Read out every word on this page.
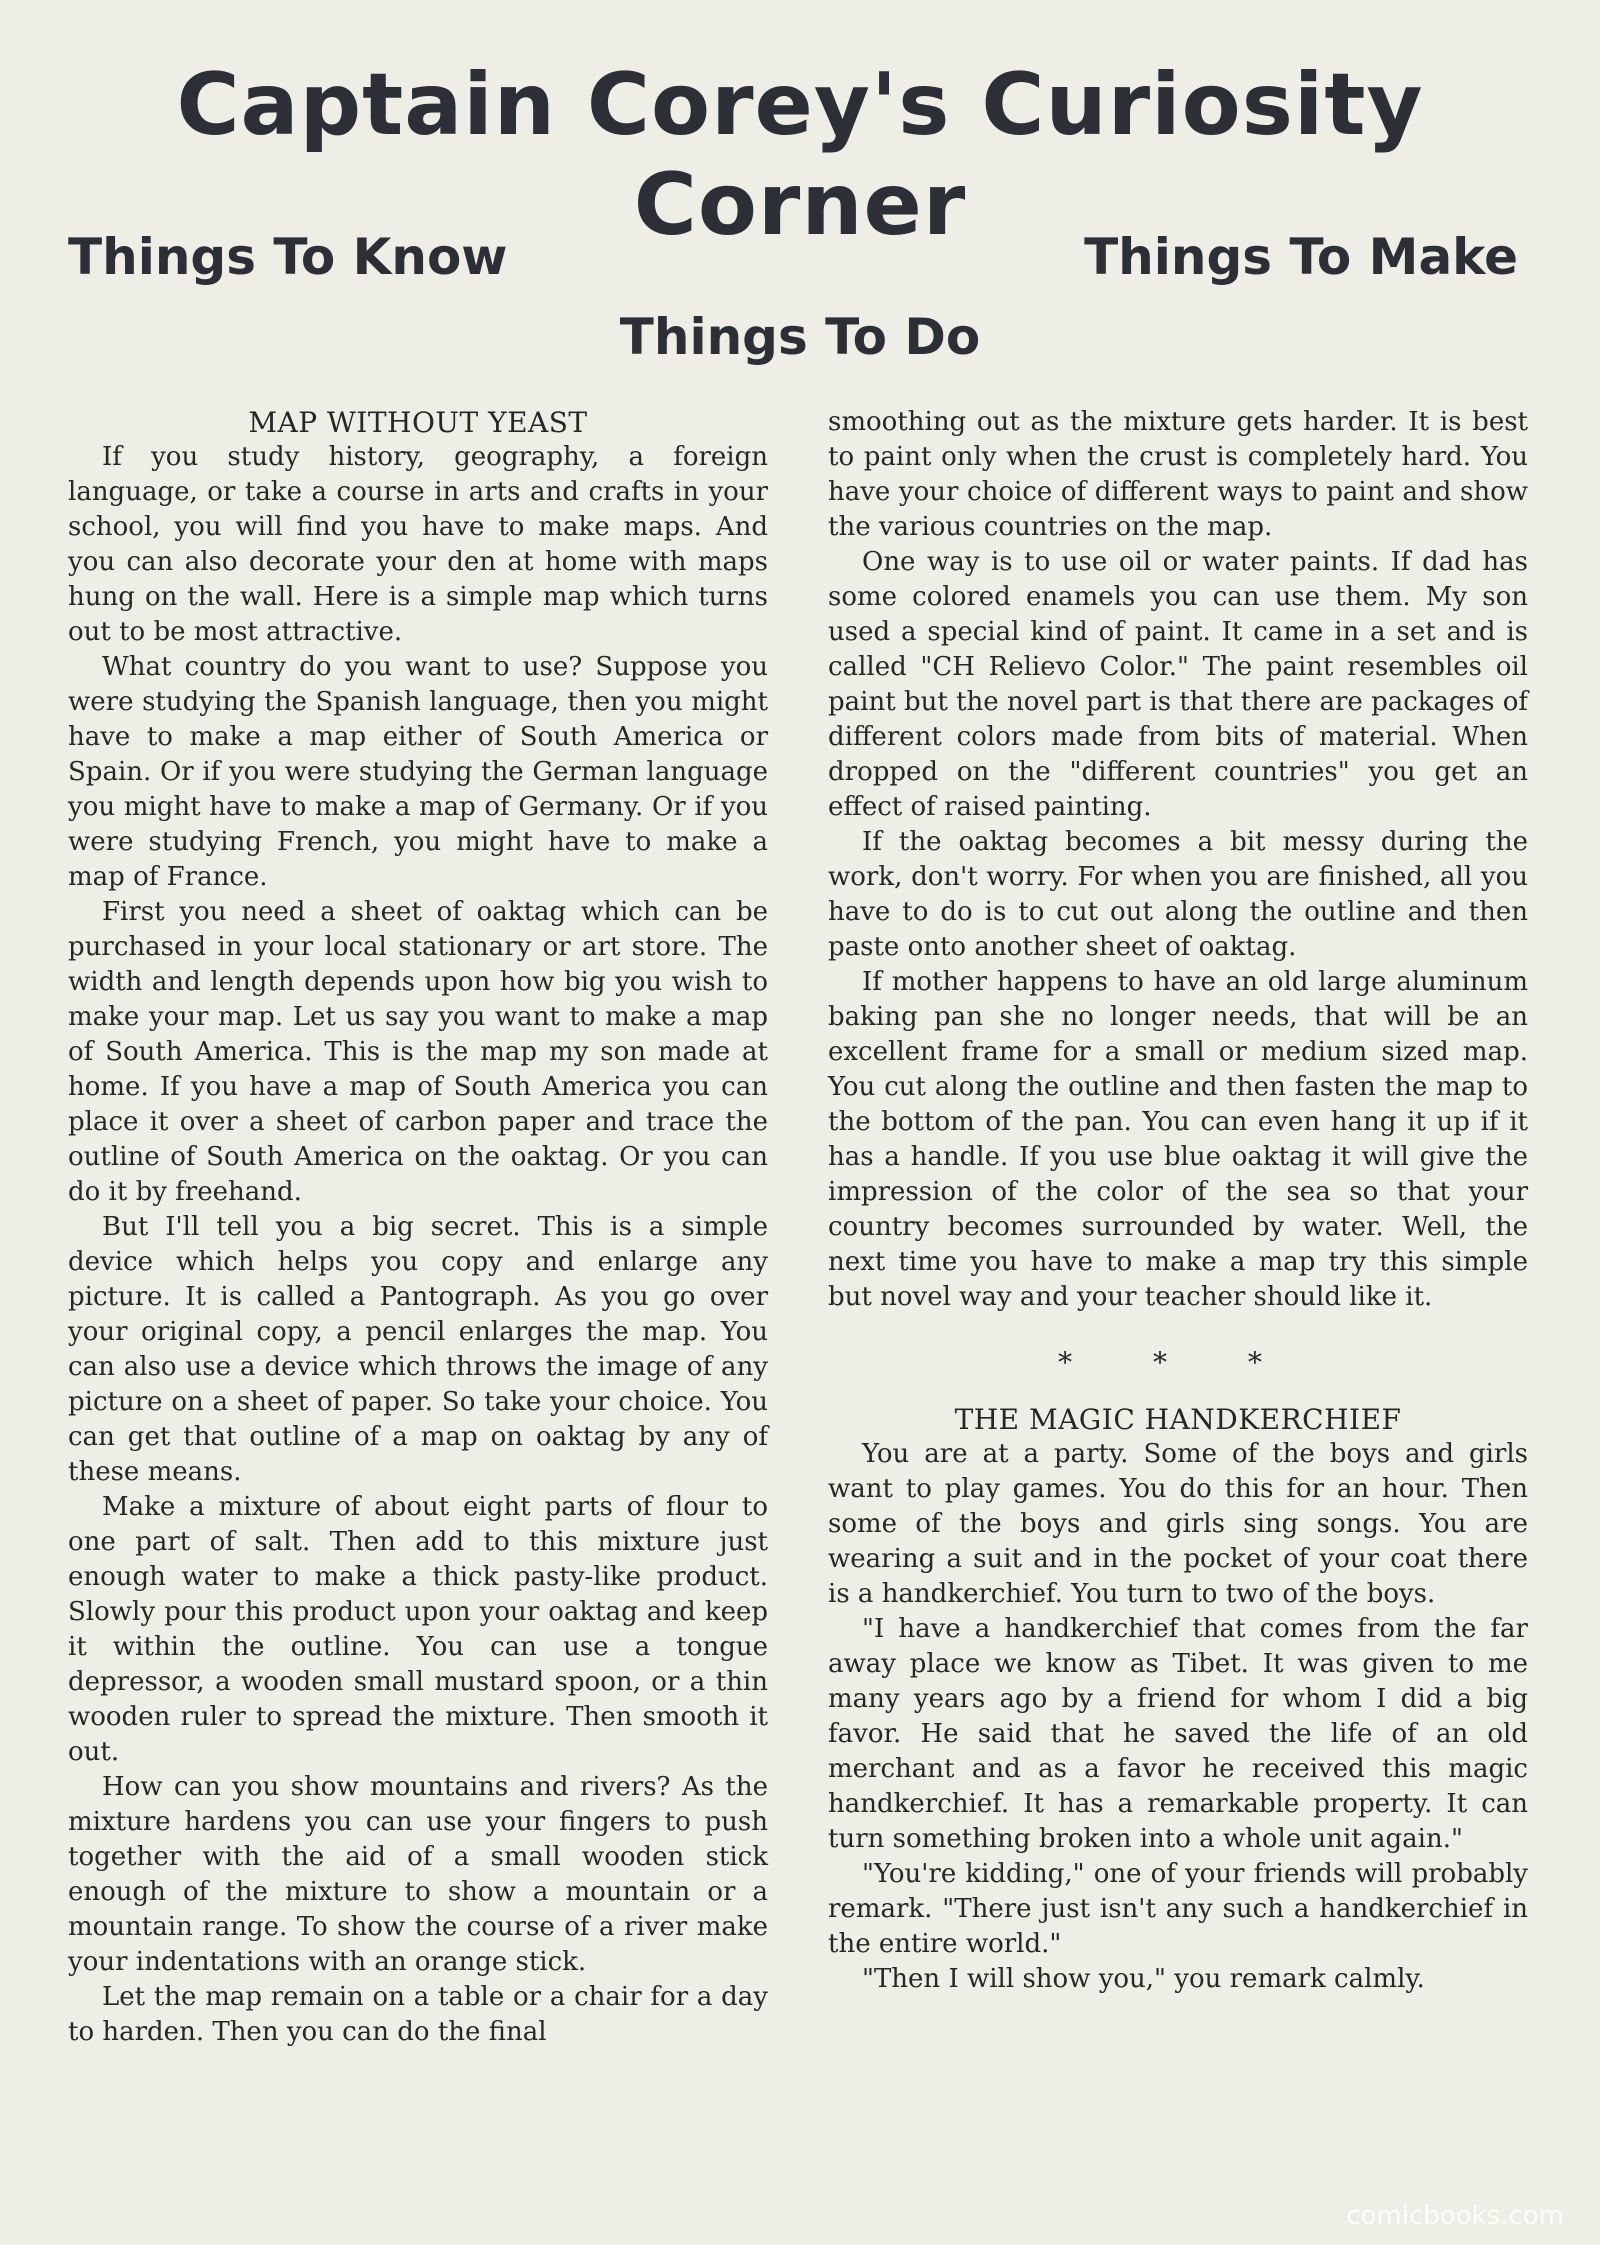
Captain Corey's Curiosity Corner
Things To Know	Things To Make
Things To Do
MAP WITHOUT YEAST

If you study history, geography, a foreign language, or take a course in arts and crafts in your school, you will find you have to make maps. And you can also decorate your den at home with maps hung on the wall. Here is a simple map which turns out to be most attractive.

What country do you want to use? Suppose you were studying the Spanish language, then you might have to make a map either of South America or Spain. Or if you were studying the German language you might have to make a map of Germany. Or if you were studying French, you might have to make a map of France.

First you need a sheet of oaktag which can be purchased in your local stationary or art store. The width and length depends upon how big you wish to make your map. Let us say you want to make a map of South America. This is the map my son made at home. If you have a map of South America you can place it over a sheet of carbon paper and trace the outline of South America on the oaktag. Or you can do it by freehand.

But I'll tell you a big secret. This is a simple device which helps you copy and enlarge any picture. It is called a Pantograph. As you go over your original copy, a pencil enlarges the map. You can also use a device which throws the image of any picture on a sheet of paper. So take your choice. You can get that outline of a map on oaktag by any of these means.

Make a mixture of about eight parts of flour to one part of salt. Then add to this mixture just enough water to make a thick pasty-like product. Slowly pour this product upon your oaktag and keep it within the outline. You can use a tongue depressor, a wooden small mustard spoon, or a thin wooden ruler to spread the mixture. Then smooth it out.

How can you show mountains and rivers? As the mixture hardens you can use your fingers to push together with the aid of a small wooden stick enough of the mixture to show a mountain or a mountain range. To show the course of a river make your indentations with an orange stick.

Let the map remain on a table or a chair for a day to harden. Then you can do the final

smoothing out as the mixture gets harder. It is best to paint only when the crust is completely hard. You have your choice of different ways to paint and show the various countries on the map.

One way is to use oil or water paints. If dad has some colored enamels you can use them. My son used a special kind of paint. It came in a set and is called "CH Relievo Color." The paint resembles oil paint but the novel part is that there are packages of different colors made from bits of material. When dropped on the "different countries" you get an effect of raised painting.

If the oaktag becomes a bit messy during the work, don't worry. For when you are finished, all you have to do is to cut out along the outline and then paste onto another sheet of oaktag.

If mother happens to have an old large aluminum baking pan she no longer needs, that will be an excellent frame for a small or medium sized map. You cut along the outline and then fasten the map to the bottom of the pan. You can even hang it up if it has a handle. If you use blue oaktag it will give the impression of the color of the sea so that your country becomes surrounded by water. Well, the next time you have to make a map try this simple but novel way and your teacher should like it.

* * *
THE MAGIC HANDKERCHIEF

You are at a party. Some of the boys and girls want to play games. You do this for an hour. Then some of the boys and girls sing songs. You are wearing a suit and in the pocket of your coat there is a handkerchief. You turn to two of the boys.

"I have a handkerchief that comes from the far away place we know as Tibet. It was given to me many years ago by a friend for whom I did a big favor. He said that he saved the life of an old merchant and as a favor he received this magic handkerchief. It has a remarkable property. It can turn something broken into a whole unit again."

"You're kidding," one of your friends will probably remark. "There just isn't any such a handkerchief in the entire world."

"Then I will show you," you remark calmly.

comicbooks.com
